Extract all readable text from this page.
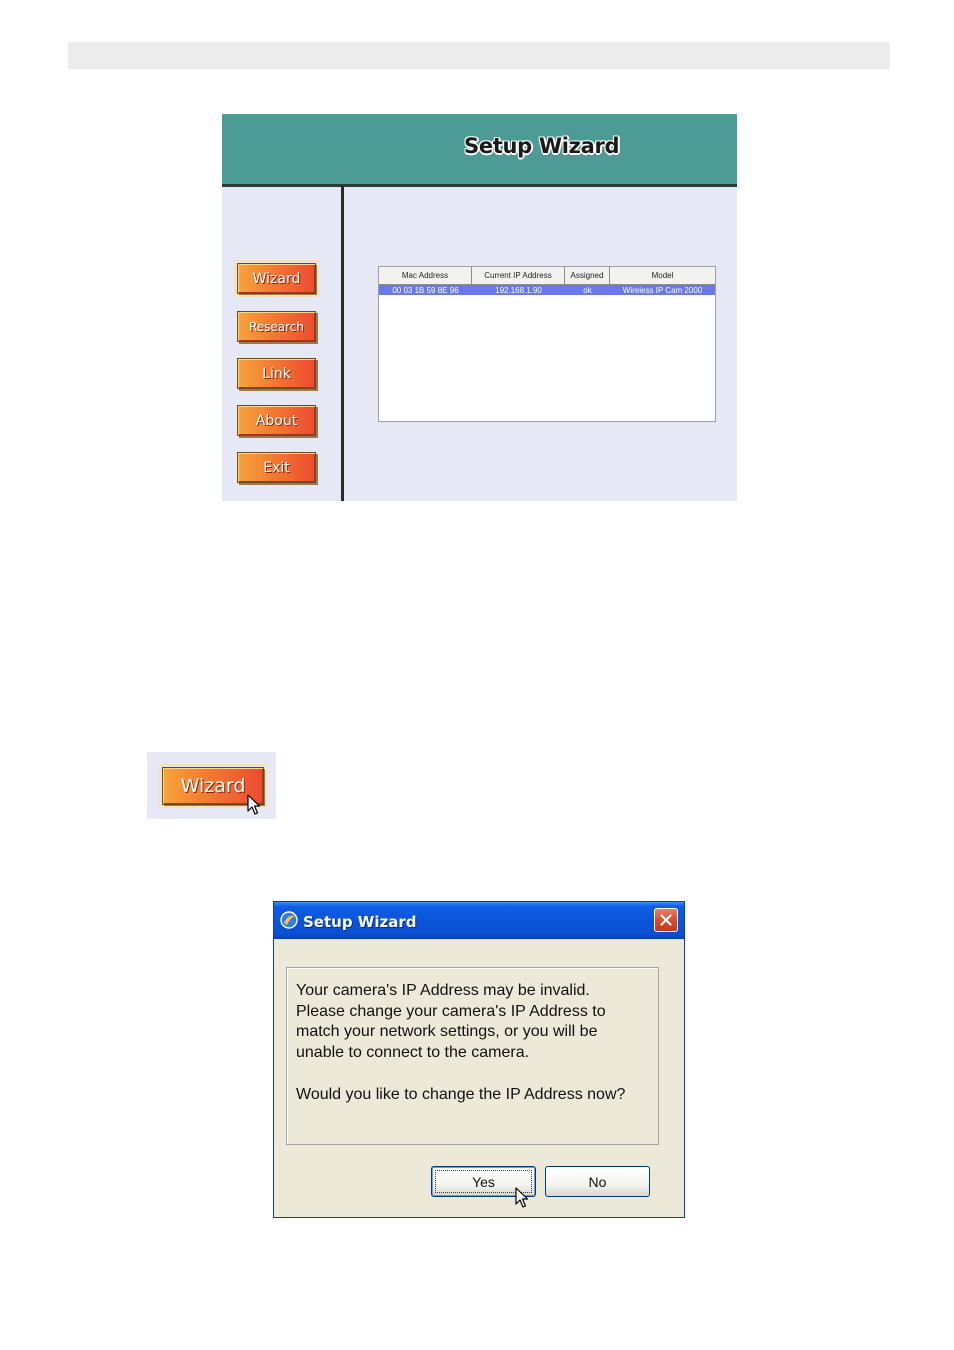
Setup Wizard
Wizard
Research
Link
About
Exit
Mac Address	Current IP Address	Assigned	Model
00 03 1B 59 8E 96	192.168.1.90	ok	Wireless IP Cam 2000
Wizard
Setup Wizard

Your camera's IP Address may be invalid.

Please change your camera's IP Address to

match your network settings, or you will be

unable to connect to the camera.

Would you like to change the IP Address now?

Yes	No
